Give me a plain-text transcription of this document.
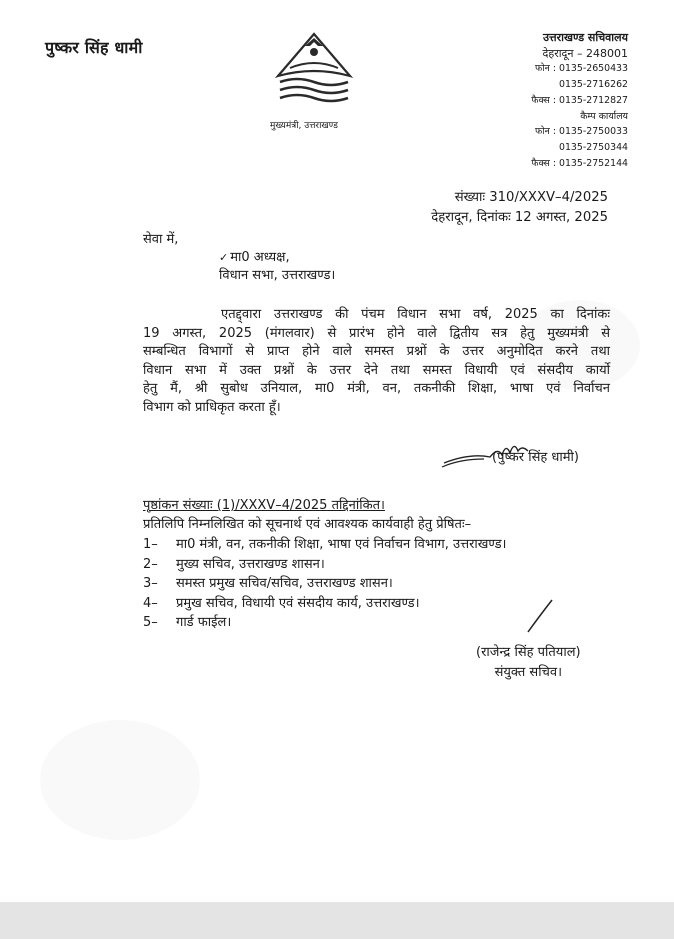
पुष्कर सिंह धामी
मुख्यमंत्री, उत्तराखण्ड
उत्तराखण्ड सचिवालय
देहरादून – 248001
फोन : 0135-2650433
0135-2716262
फैक्स : 0135-2712827
कैम्प कार्यालय
फोन : 0135-2750033
0135-2750344
फैक्स : 0135-2752144
संख्याः 310/XXXV–4/2025
देहरादून, दिनांकः 12 अगस्त, 2025
सेवा में,
✓ मा0 अध्यक्ष,
विधान सभा, उत्तराखण्ड।
एतद्द्वारा उत्तराखण्ड की पंचम विधान सभा वर्ष, 2025 का दिनांकः
19 अगस्त, 2025 (मंगलवार) से प्रारंभ होने वाले द्वितीय सत्र हेतु मुख्यमंत्री से
सम्बन्धित विभागों से प्राप्त होने वाले समस्त प्रश्नों के उत्तर अनुमोदित करने तथा
विधान सभा में उक्त प्रश्नों के उत्तर देने तथा समस्त विधायी एवं संसदीय कार्यो
हेतु मैं, श्री सुबोध उनियाल, मा0 मंत्री, वन, तकनीकी शिक्षा, भाषा एवं निर्वाचन
विभाग को प्राधिकृत करता हूँ।
(पुष्कर सिंह धामी)
पृष्ठांकन संख्याः (1)/XXXV–4/2025 तद्दिनांकित।
प्रतिलिपि निम्नलिखित को सूचनार्थ एवं आवश्यक कार्यवाही हेतु प्रेषितः–
1– मा0 मंत्री, वन, तकनीकी शिक्षा, भाषा एवं निर्वाचन विभाग, उत्तराखण्ड।
2– मुख्य सचिव, उत्तराखण्ड शासन।
3– समस्त प्रमुख सचिव/सचिव, उत्तराखण्ड शासन।
4– प्रमुख सचिव, विधायी एवं संसदीय कार्य, उत्तराखण्ड।
5– गार्ड फाईल।
(राजेन्द्र सिंह पतियाल)
संयुक्त सचिव।
